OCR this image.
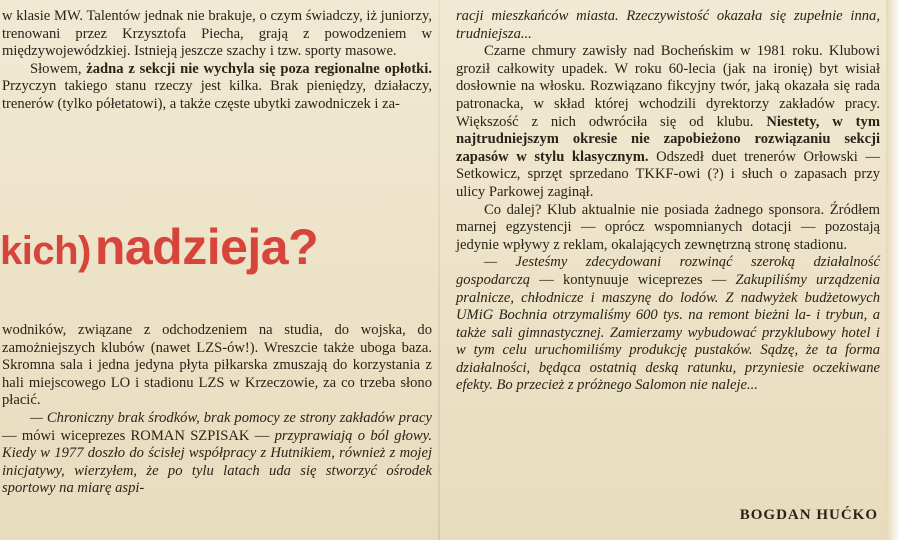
w klasie MW. Talentów jednak nie brakuje, o czym świadczy, iż juniorzy, trenowani przez Krzysztofa Piecha, grają z powodzeniem w międzywojewódzkiej. Istnieją jeszcze szachy i tzw. sporty masowe.

Słowem, żadna z sekcji nie wychyla się poza regionalne opłotki. Przyczyn takiego stanu rzeczy jest kilka. Brak pieniędzy, działaczy, trenerów (tylko półetatowi), a także częste ubytki zawodniczek i za-

kich) nadzieja?

wodników, związane z odchodzeniem na studia, do wojska, do zamożniejszych klubów (nawet LZS-ów!). Wreszcie także uboga baza. Skromna sala i jedna jedyna płyta piłkarska zmuszają do korzystania z hali miejscowego LO i stadionu LZS w Krzeczowie, za co trzeba słono płacić.

— Chroniczny brak środków, brak pomocy ze strony zakładów pracy — mówi wiceprezes ROMAN SZPISAK — przyprawiają o ból głowy. Kiedy w 1977 doszło do ścisłej współpracy z Hutnikiem, również z mojej inicjatywy, wierzyłem, że po tylu latach uda się stworzyć ośrodek sportowy na miarę aspi-

racji mieszkańców miasta. Rzeczywistość okazała się zupełnie inna, trudniejsza...

Czarne chmury zawisły nad Bocheńskim w 1981 roku. Klubowi groził całkowity upadek. W roku 60-lecia (jak na ironię) byt wisiał dosłownie na włosku. Rozwiązano fikcyjny twór, jaką okazała się rada patronacka, w skład której wchodzili dyrektorzy zakładów pracy. Większość z nich odwróciła się od klubu. Niestety, w tym najtrudniejszym okresie nie zapobieżono rozwiązaniu sekcji zapasów w stylu klasycznym. Odszedł duet trenerów Orłowski — Setkowicz, sprzęt sprzedano TKKF-owi (?) i słuch o zapasach przy ulicy Parkowej zaginął.

Co dalej? Klub aktualnie nie posiada żadnego sponsora. Źródłem marnej egzystencji — oprócz wspomnianych dotacji — pozostają jedynie wpływy z reklam, okalających zewnętrzną stronę stadionu.

— Jesteśmy zdecydowani rozwinąć szeroką działalność gospodarczą — kontynuuje wiceprezes — Zakupiliśmy urządzenia pralnicze, chłodnicze i maszynę do lodów. Z nadwyżek budżetowych UMiG Bochnia otrzymaliśmy 600 tys. na remont bieżni la- i trybun, a także sali gimnastycznej. Zamierzamy wybudować przyklubowy hotel i w tym celu uruchomiliśmy produkcję pustaków. Sądzę, że ta forma działalności, będąca ostatnią deską ratunku, przyniesie oczekiwane efekty. Bo przecież z próżnego Salomon nie naleje...

BOGDAN HUĆKO
